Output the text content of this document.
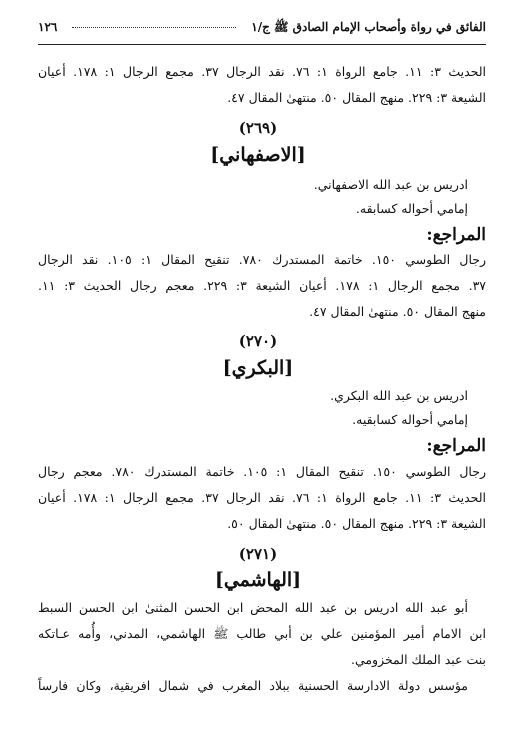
الفائق في رواة وأصحاب الإمام الصادق ﷺ ج/١
١٢٦
الحديث ٣: ١١. جامع الرواة ١: ٧٦. نقد الرجال ٣٧. مجمع الرجال ١: ١٧٨. أعيان
الشيعة ٣: ٢٢٩. منهج المقال ٥٠. منتهىٰ المقال ٤٧.
(٢٦٩)
[الاصفهاني]
ادريس بن عبد الله الاصفهاني.
إمامي أحواله كسابقه.
المراجع:
رجال الطوسي ١٥٠. خاتمة المستدرك ٧٨٠. تنقيح المقال ١: ١٠٥. نقد الرجال
٣٧. مجمع الرجال ١: ١٧٨. أعيان الشيعة ٣: ٢٢٩. معجم رجال الحديث ٣: ١١.
منهج المقال ٥٠. منتهىٰ المقال ٤٧.
(٢٧٠)
[البكري]
ادريس بن عبد الله البكري.
إمامي أحواله كسابقيه.
المراجع:
رجال الطوسي ١٥٠. تنقيح المقال ١: ١٠٥. خاتمة المستدرك ٧٨٠. معجم رجال
الحديث ٣: ١١. جامع الرواة ١: ٧٦. نقد الرجال ٣٧. مجمع الرجال ١: ١٧٨. أعيان
الشيعة ٣: ٢٢٩. منهج المقال ٥٠. منتهىٰ المقال ٥٠.
(٢٧١)
[الهاشمي]
أبو عبد الله ادريس بن عبد الله المحض ابن الحسن المثنىٰ ابن الحسن السبط
ابن الامام أمير المؤمنين علي بن أبي طالب ﷺ الهاشمي، المدني، وأُمه عـاتكه
بنت عبد الملك المخزومي.
مؤسس دولة الادارسة الحسنية ببلاد المغرب في شمال افريقية، وكان فارساً
